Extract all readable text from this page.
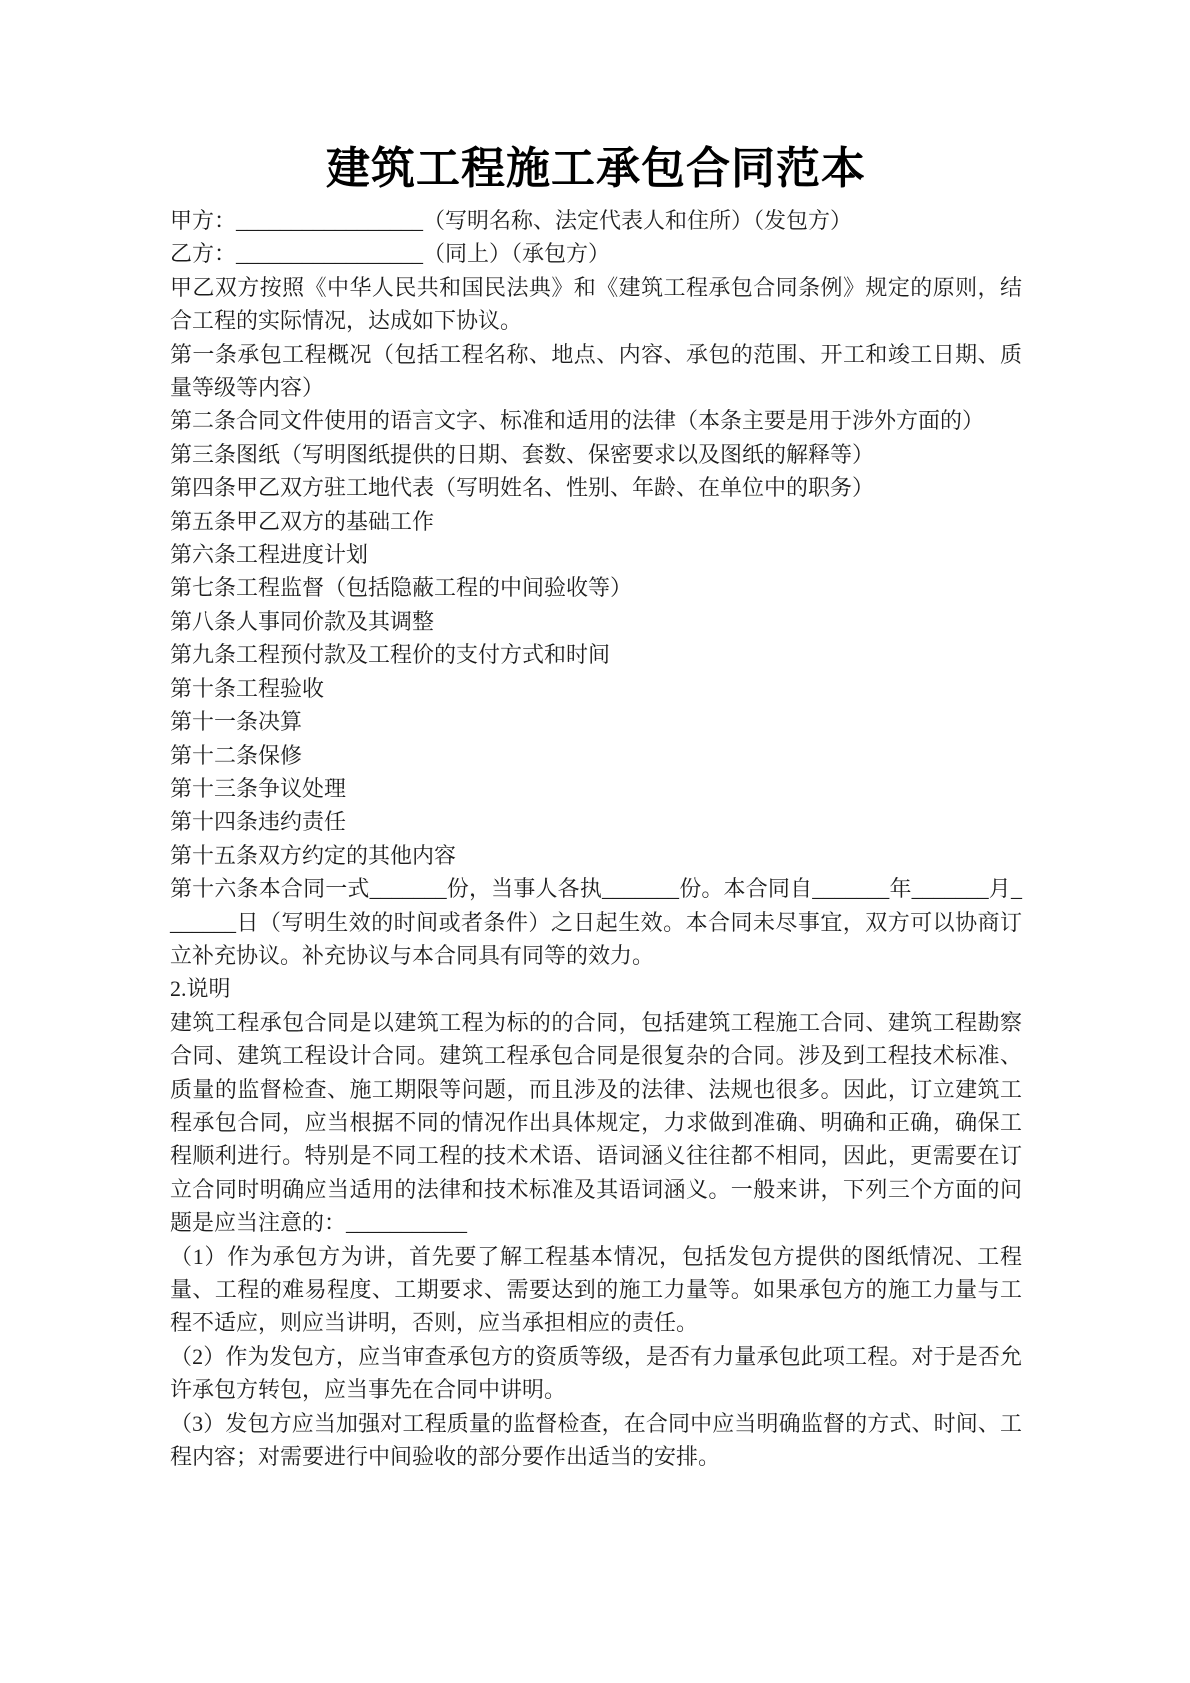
建筑工程施工承包合同范本

甲方：_________________（写明名称、法定代表人和住所）（发包方）

乙方：_________________（同上）（承包方）

甲乙双方按照《中华人民共和国民法典》和《建筑工程承包合同条例》规定的原则，结合工程的实际情况，达成如下协议。

第一条承包工程概况（包括工程名称、地点、内容、承包的范围、开工和竣工日期、质量等级等内容）

第二条合同文件使用的语言文字、标准和适用的法律（本条主要是用于涉外方面的）

第三条图纸（写明图纸提供的日期、套数、保密要求以及图纸的解释等）

第四条甲乙双方驻工地代表（写明姓名、性别、年龄、在单位中的职务）

第五条甲乙双方的基础工作

第六条工程进度计划

第七条工程监督（包括隐蔽工程的中间验收等）

第八条人事同价款及其调整

第九条工程预付款及工程价的支付方式和时间

第十条工程验收

第十一条决算

第十二条保修

第十三条争议处理

第十四条违约责任

第十五条双方约定的其他内容

第十六条本合同一式_______份，当事人各执_______份。本合同自_______年_______月_______日（写明生效的时间或者条件）之日起生效。本合同未尽事宜，双方可以协商订立补充协议。补充协议与本合同具有同等的效力。

2.说明

建筑工程承包合同是以建筑工程为标的的合同，包括建筑工程施工合同、建筑工程勘察合同、建筑工程设计合同。建筑工程承包合同是很复杂的合同。涉及到工程技术标准、质量的监督检查、施工期限等问题，而且涉及的法律、法规也很多。因此，订立建筑工程承包合同，应当根据不同的情况作出具体规定，力求做到准确、明确和正确，确保工程顺利进行。特别是不同工程的技术术语、语词涵义往往都不相同，因此，更需要在订立合同时明确应当适用的法律和技术标准及其语词涵义。一般来讲，下列三个方面的问题是应当注意的：___________

（1）作为承包方为讲，首先要了解工程基本情况，包括发包方提供的图纸情况、工程量、工程的难易程度、工期要求、需要达到的施工力量等。如果承包方的施工力量与工程不适应，则应当讲明，否则，应当承担相应的责任。

（2）作为发包方，应当审查承包方的资质等级，是否有力量承包此项工程。对于是否允许承包方转包，应当事先在合同中讲明。

（3）发包方应当加强对工程质量的监督检查，在合同中应当明确监督的方式、时间、工程内容；对需要进行中间验收的部分要作出适当的安排。
